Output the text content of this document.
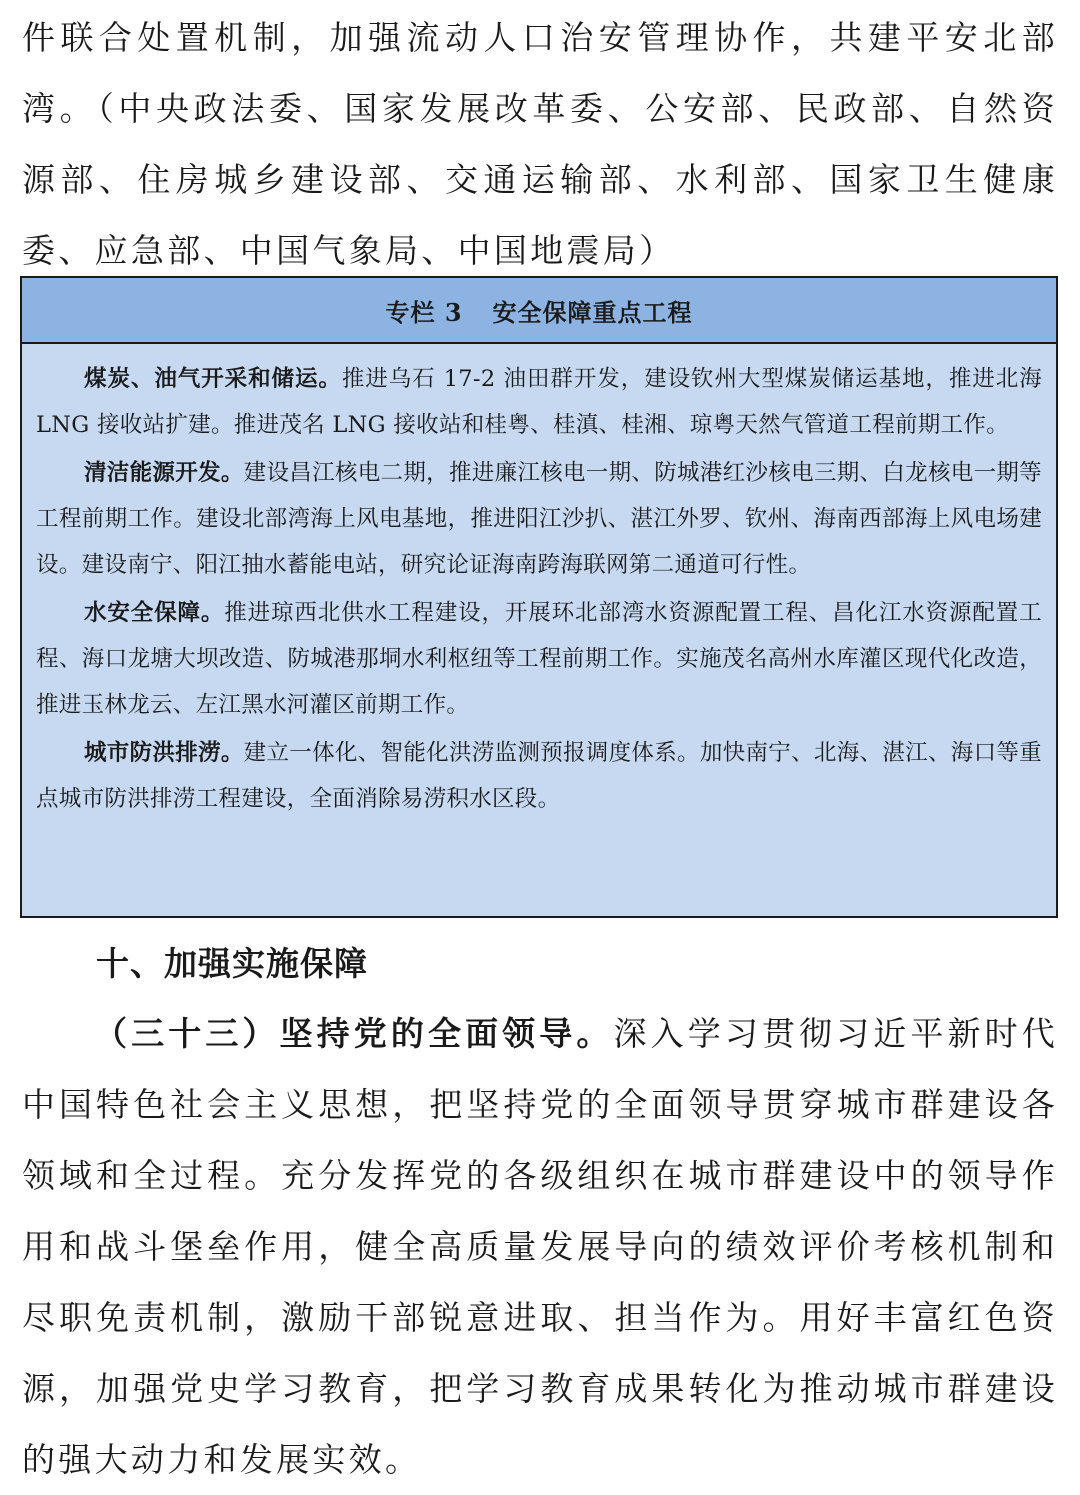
件联合处置机制，加强流动人口治安管理协作，共建平安北部湾。（中央政法委、国家发展改革委、公安部、民政部、自然资源部、住房城乡建设部、交通运输部、水利部、国家卫生健康委、应急部、中国气象局、中国地震局）

专栏 3 安全保障重点工程

煤炭、油气开采和储运。推进乌石 17-2 油田群开发，建设钦州大型煤炭储运基地，推进北海 LNG 接收站扩建。推进茂名 LNG 接收站和桂粤、桂滇、桂湘、琼粤天然气管道工程前期工作。

清洁能源开发。建设昌江核电二期，推进廉江核电一期、防城港红沙核电三期、白龙核电一期等工程前期工作。建设北部湾海上风电基地，推进阳江沙扒、湛江外罗、钦州、海南西部海上风电场建设。建设南宁、阳江抽水蓄能电站，研究论证海南跨海联网第二通道可行性。

水安全保障。推进琼西北供水工程建设，开展环北部湾水资源配置工程、昌化江水资源配置工程、海口龙塘大坝改造、防城港那垌水利枢纽等工程前期工作。实施茂名高州水库灌区现代化改造，推进玉林龙云、左江黑水河灌区前期工作。

城市防洪排涝。建立一体化、智能化洪涝监测预报调度体系。加快南宁、北海、湛江、海口等重点城市防洪排涝工程建设，全面消除易涝积水区段。

十、加强实施保障

（三十三）坚持党的全面领导。深入学习贯彻习近平新时代中国特色社会主义思想，把坚持党的全面领导贯穿城市群建设各领域和全过程。充分发挥党的各级组织在城市群建设中的领导作用和战斗堡垒作用，健全高质量发展导向的绩效评价考核机制和尽职免责机制，激励干部锐意进取、担当作为。用好丰富红色资源，加强党史学习教育，把学习教育成果转化为推动城市群建设的强大动力和发展实效。
